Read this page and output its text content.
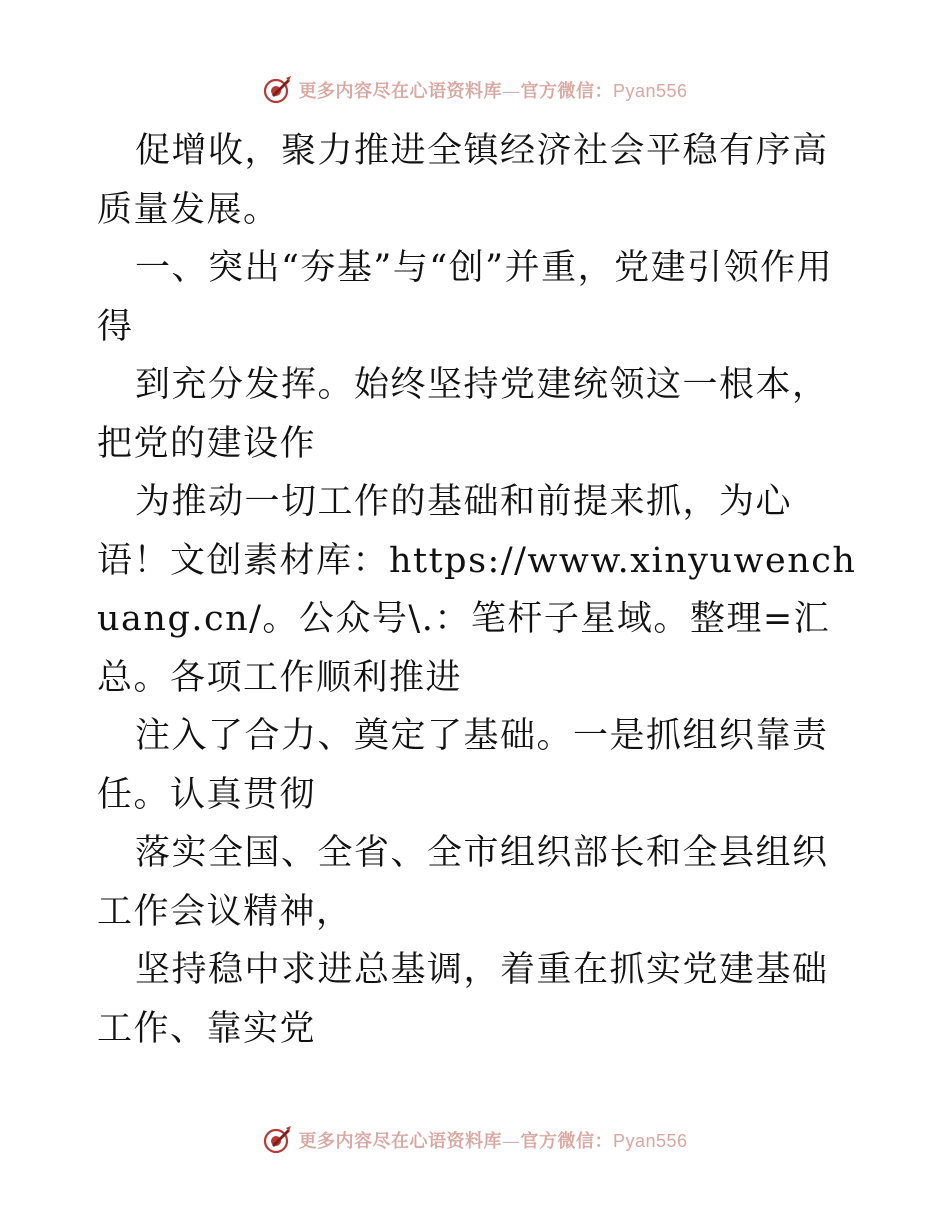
更多内容尽在心语资料库—官方微信：Pyan556

促增收，聚力推进全镇经济社会平稳有序高质量发展。

一、突出“夯基”与“创”并重，党建引领作用得

到充分发挥。始终坚持党建统领这一根本，把党的建设作

为推动一切工作的基础和前提来抓，为心语！文创素材库：https://www.xinyuwenchuang.cn/。公众号\.：笔杆子星域。整理=汇总。各项工作顺利推进

注入了合力、奠定了基础。一是抓组织靠责任。认真贯彻

落实全国、全省、全市组织部长和全县组织工作会议精神，

坚持稳中求进总基调，着重在抓实党建基础工作、靠实党

更多内容尽在心语资料库—官方微信：Pyan556
